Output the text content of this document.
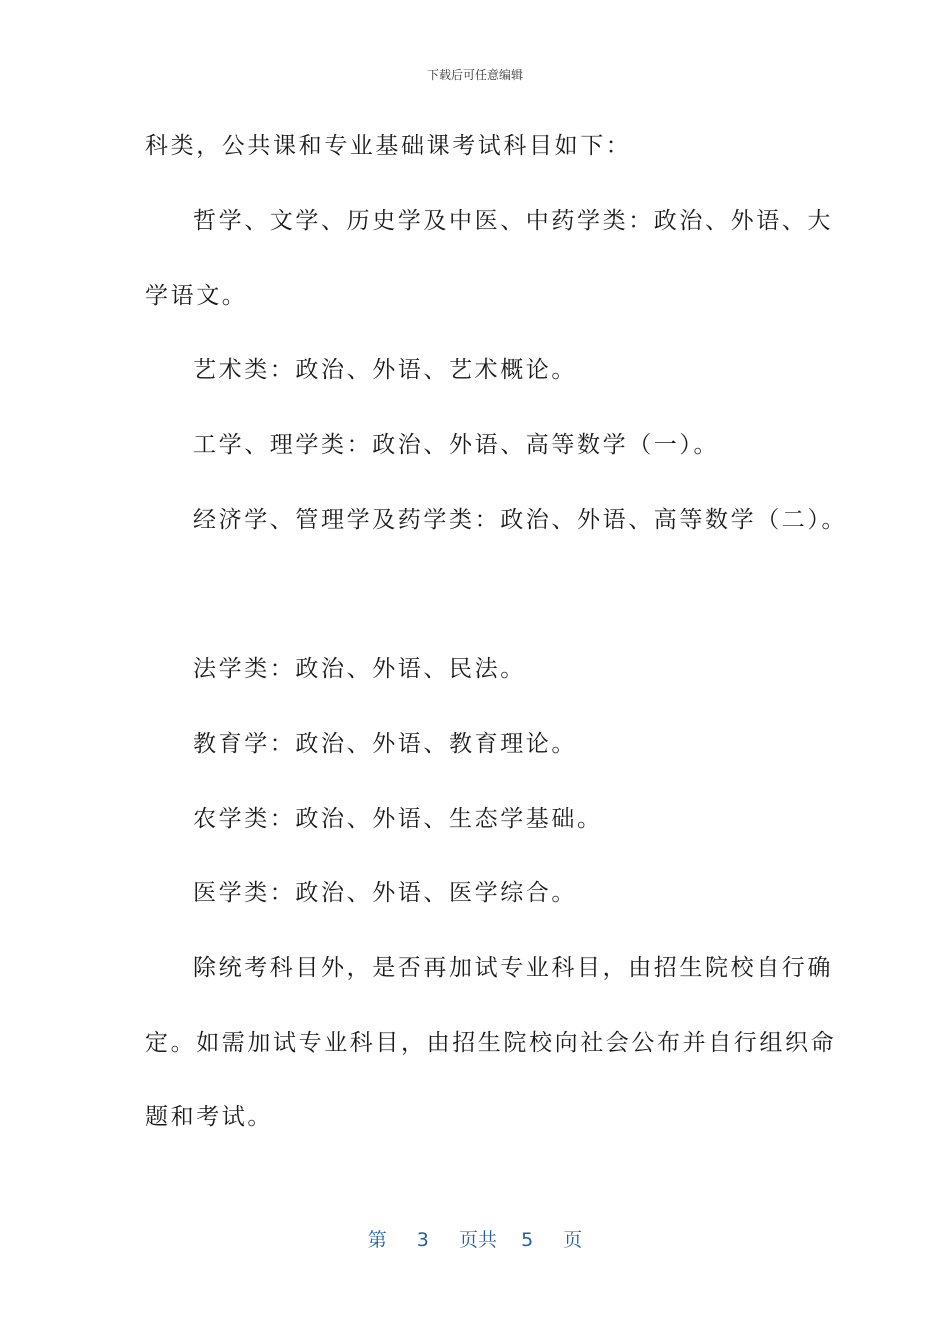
下载后可任意编辑
科类，公共课和专业基础课考试科目如下：
哲学、文学、历史学及中医、中药学类：政治、外语、大
学语文。
艺术类：政治、外语、艺术概论。
工学、理学类：政治、外语、高等数学（一）。
经济学、管理学及药学类：政治、外语、高等数学（二）。
法学类：政治、外语、民法。
教育学：政治、外语、教育理论。
农学类：政治、外语、生态学基础。
医学类：政治、外语、医学综合。
除统考科目外，是否再加试专业科目，由招生院校自行确
定。如需加试专业科目，由招生院校向社会公布并自行组织命
题和考试。
第 3 页共 5 页
